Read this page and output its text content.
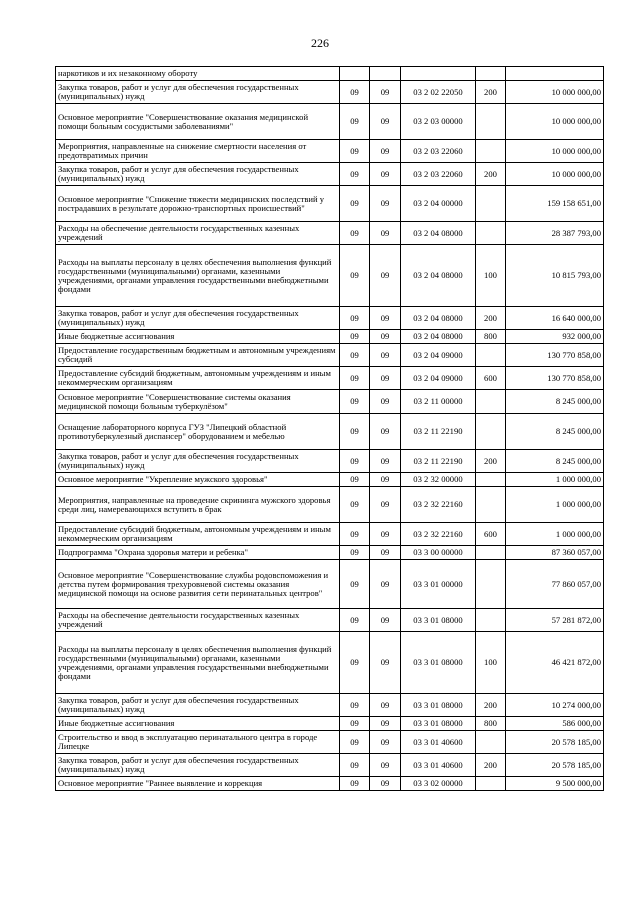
226
наркотиков и их незаконному обороту					
Закупка товаров, работ и услуг для обеспечения государственных (муниципальных) нужд	09	09	03 2 02 22050	200	10 000 000,00
Основное мероприятие "Совершенствование оказания медицинской помощи больным сосудистыми заболеваниями"	09	09	03 2 03 00000		10 000 000,00
Мероприятия, направленные на снижение смертности населения от предотвратимых причин	09	09	03 2 03 22060		10 000 000,00
Закупка товаров, работ и услуг для обеспечения государственных (муниципальных) нужд	09	09	03 2 03 22060	200	10 000 000,00
Основное мероприятие "Снижение тяжести медицинских последствий у пострадавших в результате дорожно-транспортных происшествий"	09	09	03 2 04 00000		159 158 651,00
Расходы на обеспечение деятельности государственных казенных учреждений	09	09	03 2 04 08000		28 387 793,00
Расходы на выплаты персоналу в целях обеспечения выполнения функций государственными (муниципальными) органами, казенными учреждениями, органами управления государственными внебюджетными фондами	09	09	03 2 04 08000	100	10 815 793,00
Закупка товаров, работ и услуг для обеспечения государственных (муниципальных) нужд	09	09	03 2 04 08000	200	16 640 000,00
Иные бюджетные ассигнования	09	09	03 2 04 08000	800	932 000,00
Предоставление государственным бюджетным и автономным учреждениям субсидий	09	09	03 2 04 09000		130 770 858,00
Предоставление субсидий бюджетным, автономным учреждениям и иным некоммерческим организациям	09	09	03 2 04 09000	600	130 770 858,00
Основное мероприятие "Совершенствование системы оказания медицинской помощи больным туберкулёзом"	09	09	03 2 11 00000		8 245 000,00
Оснащение лабораторного корпуса ГУЗ "Липецкий областной противотуберкулезный диспансер" оборудованием и мебелью	09	09	03 2 11 22190		8 245 000,00
Закупка товаров, работ и услуг для обеспечения государственных (муниципальных) нужд	09	09	03 2 11 22190	200	8 245 000,00
Основное мероприятие "Укрепление мужского здоровья"	09	09	03 2 32 00000		1 000 000,00
Мероприятия, направленные на проведение скрининга мужского здоровья среди лиц, намеревающихся вступить в брак	09	09	03 2 32 22160		1 000 000,00
Предоставление субсидий бюджетным, автономным учреждениям и иным некоммерческим организациям	09	09	03 2 32 22160	600	1 000 000,00
Подпрограмма "Охрана здоровья матери и ребенка"	09	09	03 3 00 00000		87 360 057,00
Основное мероприятие "Совершенствование службы родовспоможения и детства путем формирования трехуровневой системы оказания медицинской помощи на основе развития сети перинатальных центров"	09	09	03 3 01 00000		77 860 057,00
Расходы на обеспечение деятельности государственных казенных учреждений	09	09	03 3 01 08000		57 281 872,00
Расходы на выплаты персоналу в целях обеспечения выполнения функций государственными (муниципальными) органами, казенными учреждениями, органами управления государственными внебюджетными фондами	09	09	03 3 01 08000	100	46 421 872,00
Закупка товаров, работ и услуг для обеспечения государственных (муниципальных) нужд	09	09	03 3 01 08000	200	10 274 000,00
Иные бюджетные ассигнования	09	09	03 3 01 08000	800	586 000,00
Строительство и ввод в эксплуатацию перинатального центра в городе Липецке	09	09	03 3 01 40600		20 578 185,00
Закупка товаров, работ и услуг для обеспечения государственных (муниципальных) нужд	09	09	03 3 01 40600	200	20 578 185,00
Основное мероприятие "Раннее выявление и коррекция	09	09	03 3 02 00000		9 500 000,00
